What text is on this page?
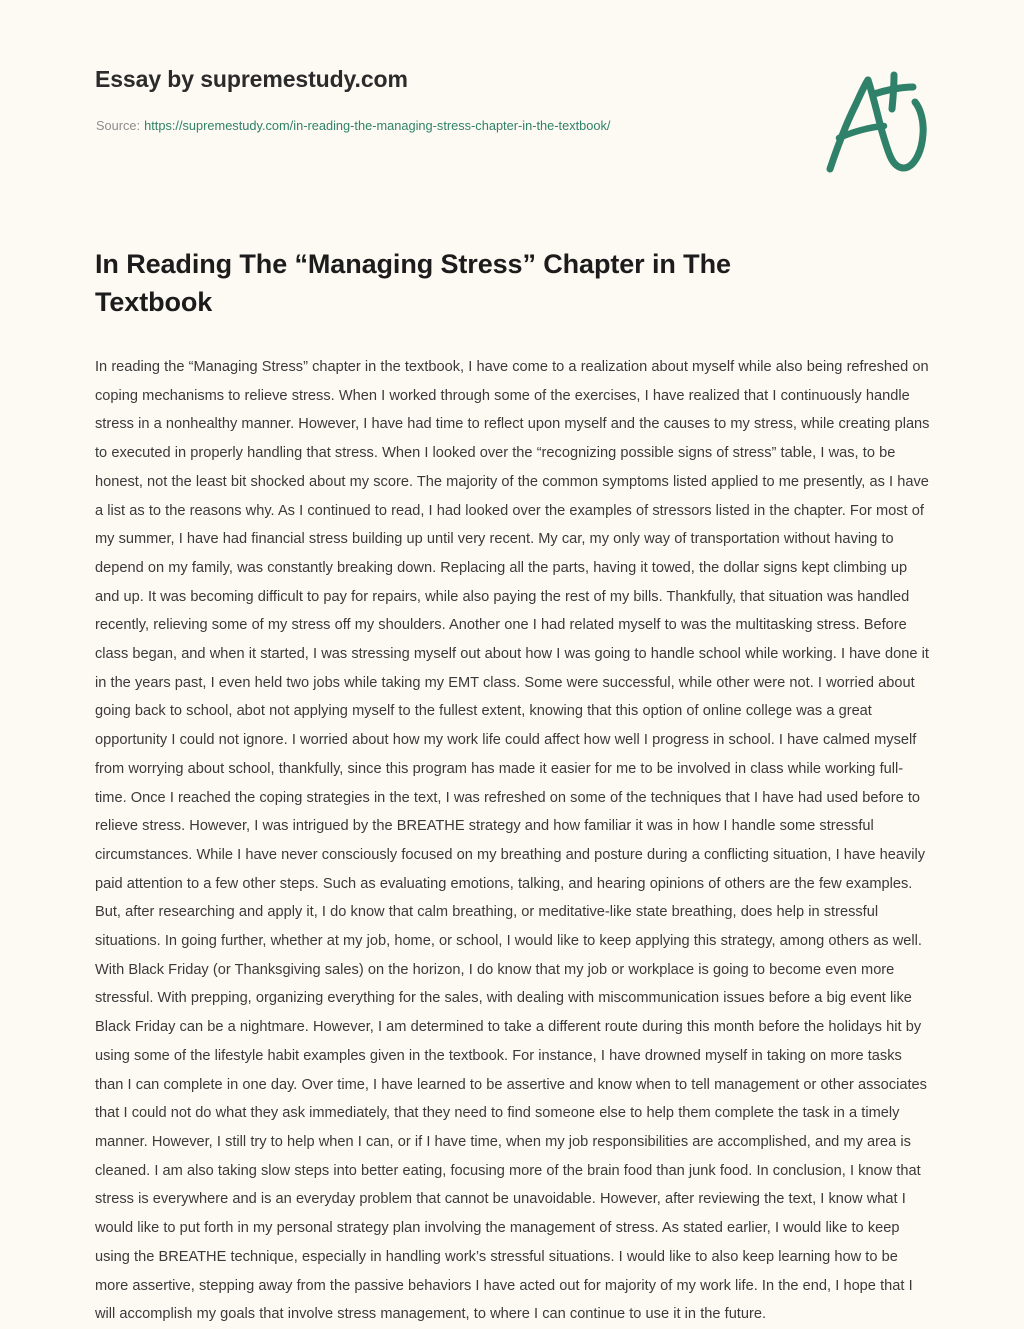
Essay by supremestudy.com
Source: https://supremestudy.com/in-reading-the-managing-stress-chapter-in-the-textbook/
In Reading The “Managing Stress” Chapter in The Textbook

In reading the “Managing Stress” chapter in the textbook, I have come to a realization about myself while also being refreshed on coping mechanisms to relieve stress. When I worked through some of the exercises, I have realized that I continuously handle stress in a nonhealthy manner. However, I have had time to reflect upon myself and the causes to my stress, while creating plans to executed in properly handling that stress. When I looked over the “recognizing possible signs of stress” table, I was, to be honest, not the least bit shocked about my score. The majority of the common symptoms listed applied to me presently, as I have a list as to the reasons why. As I continued to read, I had looked over the examples of stressors listed in the chapter. For most of my summer, I have had financial stress building up until very recent. My car, my only way of transportation without having to depend on my family, was constantly breaking down. Replacing all the parts, having it towed, the dollar signs kept climbing up and up. It was becoming difficult to pay for repairs, while also paying the rest of my bills. Thankfully, that situation was handled recently, relieving some of my stress off my shoulders. Another one I had related myself to was the multitasking stress. Before class began, and when it started, I was stressing myself out about how I was going to handle school while working. I have done it in the years past, I even held two jobs while taking my EMT class. Some were successful, while other were not. I worried about going back to school, abot not applying myself to the fullest extent, knowing that this option of online college was a great opportunity I could not ignore. I worried about how my work life could affect how well I progress in school. I have calmed myself from worrying about school, thankfully, since this program has made it easier for me to be involved in class while working full-time. Once I reached the coping strategies in the text, I was refreshed on some of the techniques that I have had used before to relieve stress. However, I was intrigued by the BREATHE strategy and how familiar it was in how I handle some stressful circumstances. While I have never consciously focused on my breathing and posture during a conflicting situation, I have heavily paid attention to a few other steps. Such as evaluating emotions, talking, and hearing opinions of others are the few examples. But, after researching and apply it, I do know that calm breathing, or meditative-like state breathing, does help in stressful situations. In going further, whether at my job, home, or school, I would like to keep applying this strategy, among others as well. With Black Friday (or Thanksgiving sales) on the horizon, I do know that my job or workplace is going to become even more stressful. With prepping, organizing everything for the sales, with dealing with miscommunication issues before a big event like Black Friday can be a nightmare. However, I am determined to take a different route during this month before the holidays hit by using some of the lifestyle habit examples given in the textbook. For instance, I have drowned myself in taking on more tasks than I can complete in one day. Over time, I have learned to be assertive and know when to tell management or other associates that I could not do what they ask immediately, that they need to find someone else to help them complete the task in a timely manner. However, I still try to help when I can, or if I have time, when my job responsibilities are accomplished, and my area is cleaned. I am also taking slow steps into better eating, focusing more of the brain food than junk food. In conclusion, I know that stress is everywhere and is an everyday problem that cannot be unavoidable. However, after reviewing the text, I know what I would like to put forth in my personal strategy plan involving the management of stress. As stated earlier, I would like to keep using the BREATHE technique, especially in handling work’s stressful situations. I would like to also keep learning how to be more assertive, stepping away from the passive behaviors I have acted out for majority of my work life. In the end, I hope that I will accomplish my goals that involve stress management, to where I can continue to use it in the future.
